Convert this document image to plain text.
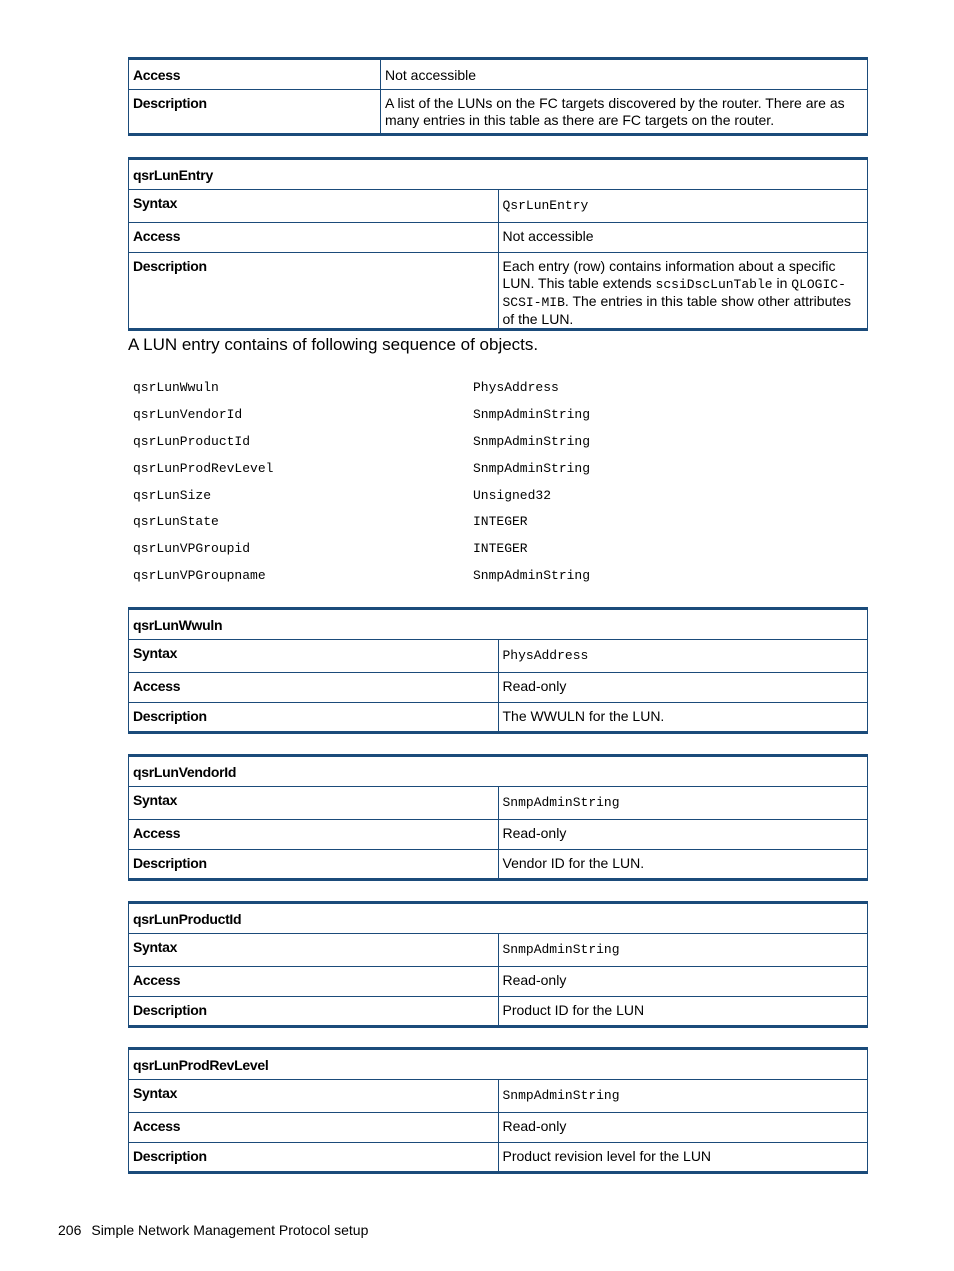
Access	Not accessible
Description	A list of the LUNs on the FC targets discovered by the router. There are as many entries in this table as there are FC targets on the router.
qsrLunEntry	
Syntax	QsrLunEntry
Access	Not accessible
Description	Each entry (row) contains information about a specific LUN. This table extends scsiDscLunTable in QLOGIC-SCSI-MIB. The entries in this table show other attributes of the LUN.

A LUN entry contains of following sequence of objects.

qsrLunWwuln	PhysAddress
qsrLunVendorId	SnmpAdminString
qsrLunProductId	SnmpAdminString
qsrLunProdRevLevel	SnmpAdminString
qsrLunSize	Unsigned32
qsrLunState	INTEGER
qsrLunVPGroupid	INTEGER
qsrLunVPGroupname	SnmpAdminString
qsrLunWwuln	
Syntax	PhysAddress
Access	Read-only
Description	The WWULN for the LUN.
qsrLunVendorId	
Syntax	SnmpAdminString
Access	Read-only
Description	Vendor ID for the LUN.
qsrLunProductId	
Syntax	SnmpAdminString
Access	Read-only
Description	Product ID for the LUN
qsrLunProdRevLevel	
Syntax	SnmpAdminString
Access	Read-only
Description	Product revision level for the LUN
206 Simple Network Management Protocol setup
